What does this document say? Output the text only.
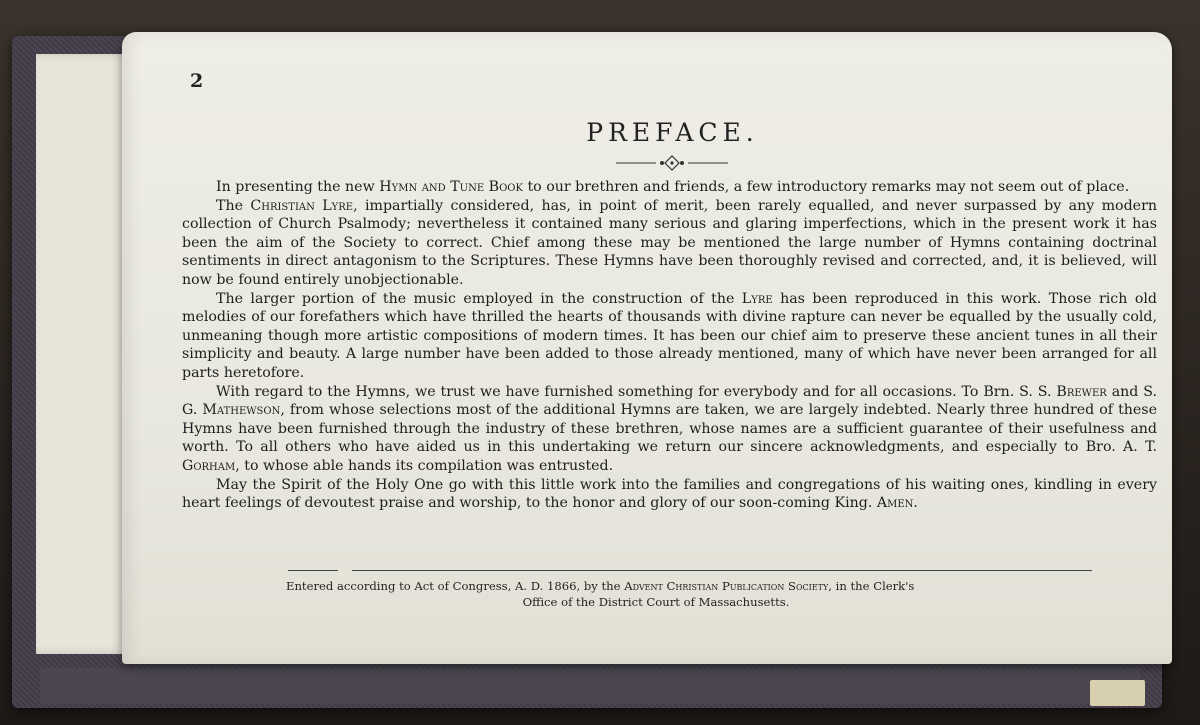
2
PREFACE.

In presenting the new Hymn and Tune Book to our brethren and friends, a few introductory remarks may not seem out of place.

The Christian Lyre, impartially considered, has, in point of merit, been rarely equalled, and never surpassed by any modern collection of Church Psalmody; nevertheless it contained many serious and glaring imperfections, which in the present work it has been the aim of the Society to correct. Chief among these may be mentioned the large number of Hymns containing doctrinal sentiments in direct antagonism to the Scriptures. These Hymns have been thoroughly revised and corrected, and, it is believed, will now be found entirely unobjectionable.

The larger portion of the music employed in the construction of the Lyre has been reproduced in this work. Those rich old melodies of our forefathers which have thrilled the hearts of thousands with divine rapture can never be equalled by the usually cold, unmeaning though more artistic compositions of modern times. It has been our chief aim to preserve these ancient tunes in all their simplicity and beauty. A large number have been added to those already mentioned, many of which have never been arranged for all parts heretofore.

With regard to the Hymns, we trust we have furnished something for everybody and for all occasions. To Brn. S. S. Brewer and S. G. Mathewson, from whose selections most of the additional Hymns are taken, we are largely indebted. Nearly three hundred of these Hymns have been furnished through the industry of these brethren, whose names are a sufficient guarantee of their usefulness and worth. To all others who have aided us in this undertaking we return our sincere acknowledgments, and especially to Bro. A. T. Gorham, to whose able hands its compilation was entrusted.

May the Spirit of the Holy One go with this little work into the families and congregations of his waiting ones, kindling in every heart feelings of devoutest praise and worship, to the honor and glory of our soon-coming King. Amen.

Entered according to Act of Congress, A. D. 1866, by the Advent Christian Publication Society, in the Clerk's
Office of the District Court of Massachusetts.
